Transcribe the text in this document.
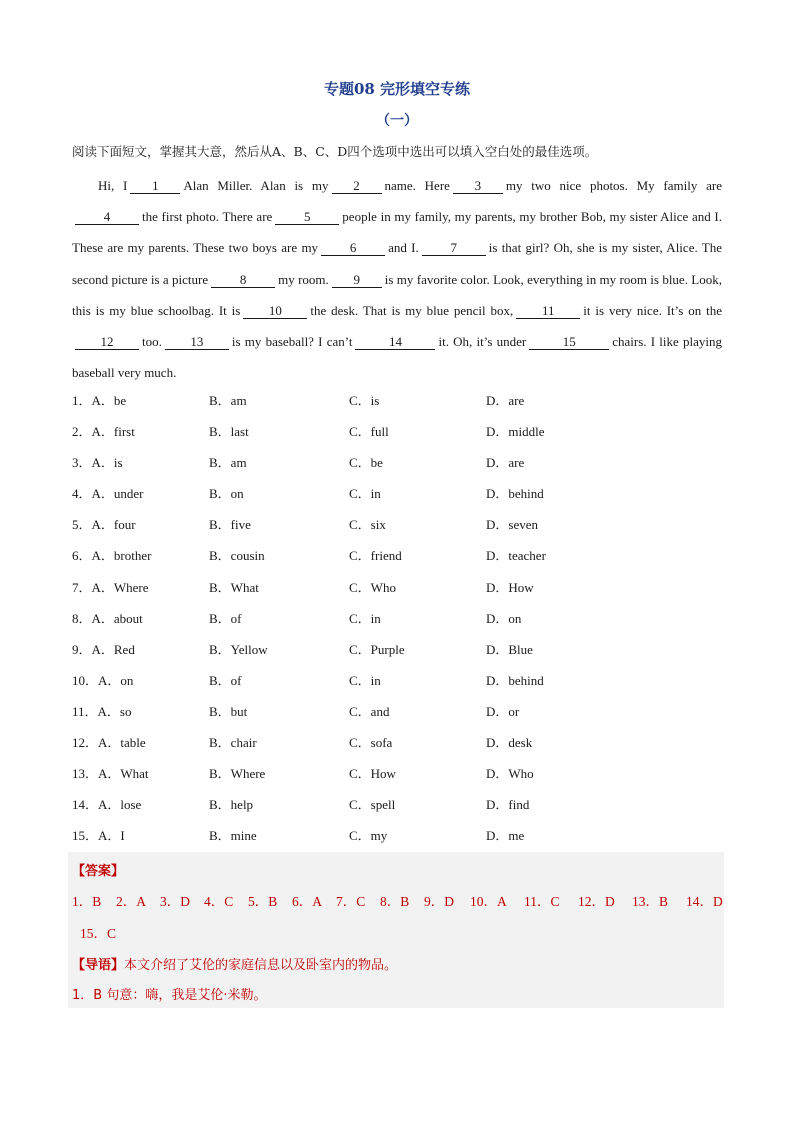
专题08 完形填空专练
（一）
阅读下面短文，掌握其大意，然后从A、B、C、D四个选项中选出可以填入空白处的最佳选项。
Hi, I 1 Alan Miller. Alan is my 2 name. Here 3 my two nice photos. My family are4 the first photo. There are 5 people in my family, my parents, my brother Bob, my sister Alice and I. These are my parents. These two boys are my 6 and I. 7 is that girl? Oh, she is my sister, Alice. The second picture is a picture 8 my room. 9 is my favorite color. Look, everything in my room is blue. Look, this is my blue schoolbag. It is 10 the desk. That is my blue pencil box, 11 it is very nice. It’s on the12 too. 13 is my baseball? I can’t	14	it. Oh, it’s under	15	chairs. I like playing baseball very much.
1．A．be	B．am	C．is	D．are
2．A．first	B．last	C．full	D．middle
3．A．is	B．am	C．be	D．are
4．A．under	B．on	C．in	D．behind
5．A．four	B．five	C．six	D．seven
6．A．brother	B．cousin	C．friend	D．teacher
7．A．Where	B．What	C．Who	D．How
8．A．about	B．of	C．in	D．on
9．A．Red	B．Yellow	C．Purple	D．Blue
10．A．on	B．of	C．in	D．behind
11．A．so	B．but	C．and	D．or
12．A．table	B．chair	C．sofa	D．desk
13．A．What	B．Where	C．How	D．Who
14．A．lose	B．help	C．spell	D．find
15．A．I	B．mine	C．my	D．me
【答案】
1．B 2．A 3．D 4．C 5．B 6．A 7．C 8．B 9．D 10．A 11．C 12．D 13．B 14．D
15．C
【导语】本文介绍了艾伦的家庭信息以及卧室内的物品。
1．B 句意：嗨，我是艾伦·米勒。
